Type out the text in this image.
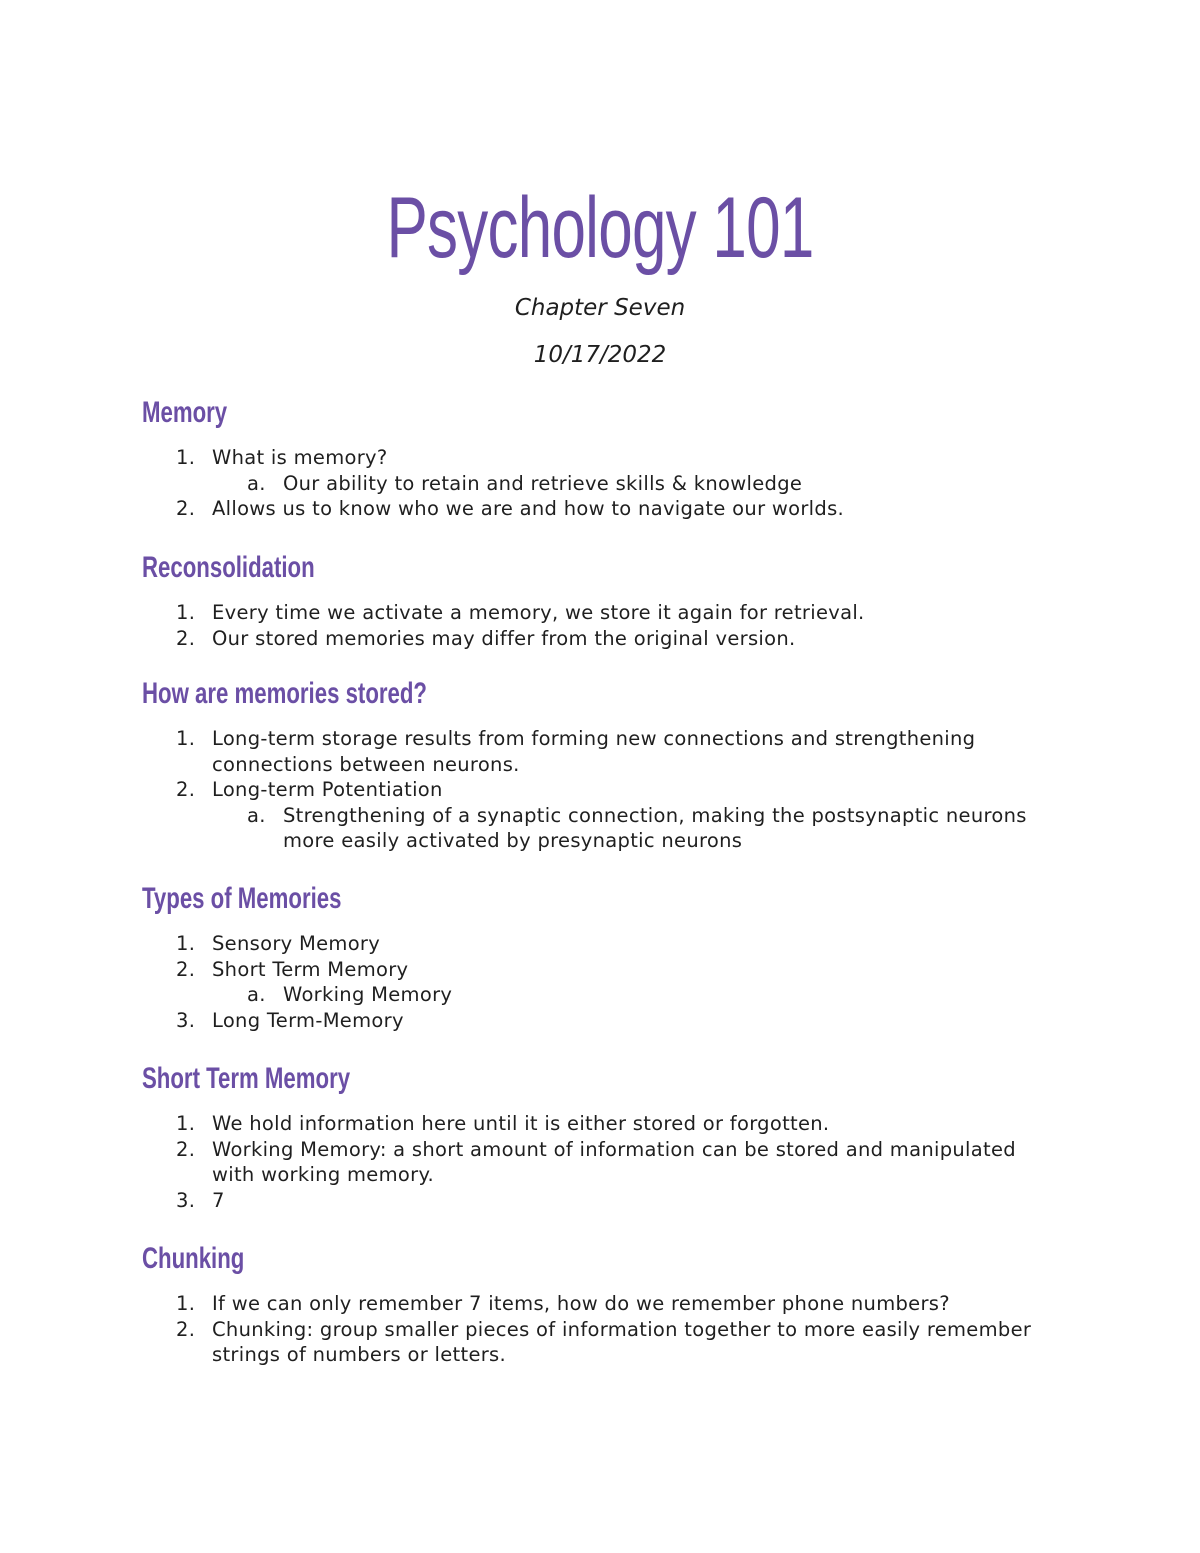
Psychology 101
Chapter Seven
10/17/2022
Memory
1. What is memory?
a. Our ability to retain and retrieve skills & knowledge
2. Allows us to know who we are and how to navigate our worlds.
Reconsolidation
1. Every time we activate a memory, we store it again for retrieval.
2. Our stored memories may differ from the original version.
How are memories stored?
1. Long-term storage results from forming new connections and strengthening connections between neurons.
2. Long-term Potentiation
a. Strengthening of a synaptic connection, making the postsynaptic neurons more easily activated by presynaptic neurons
Types of Memories
1. Sensory Memory
2. Short Term Memory
a. Working Memory
3. Long Term-Memory
Short Term Memory
1. We hold information here until it is either stored or forgotten.
2. Working Memory: a short amount of information can be stored and manipulated with working memory.
3. 7
Chunking
1. If we can only remember 7 items, how do we remember phone numbers?
2. Chunking: group smaller pieces of information together to more easily remember strings of numbers or letters.
